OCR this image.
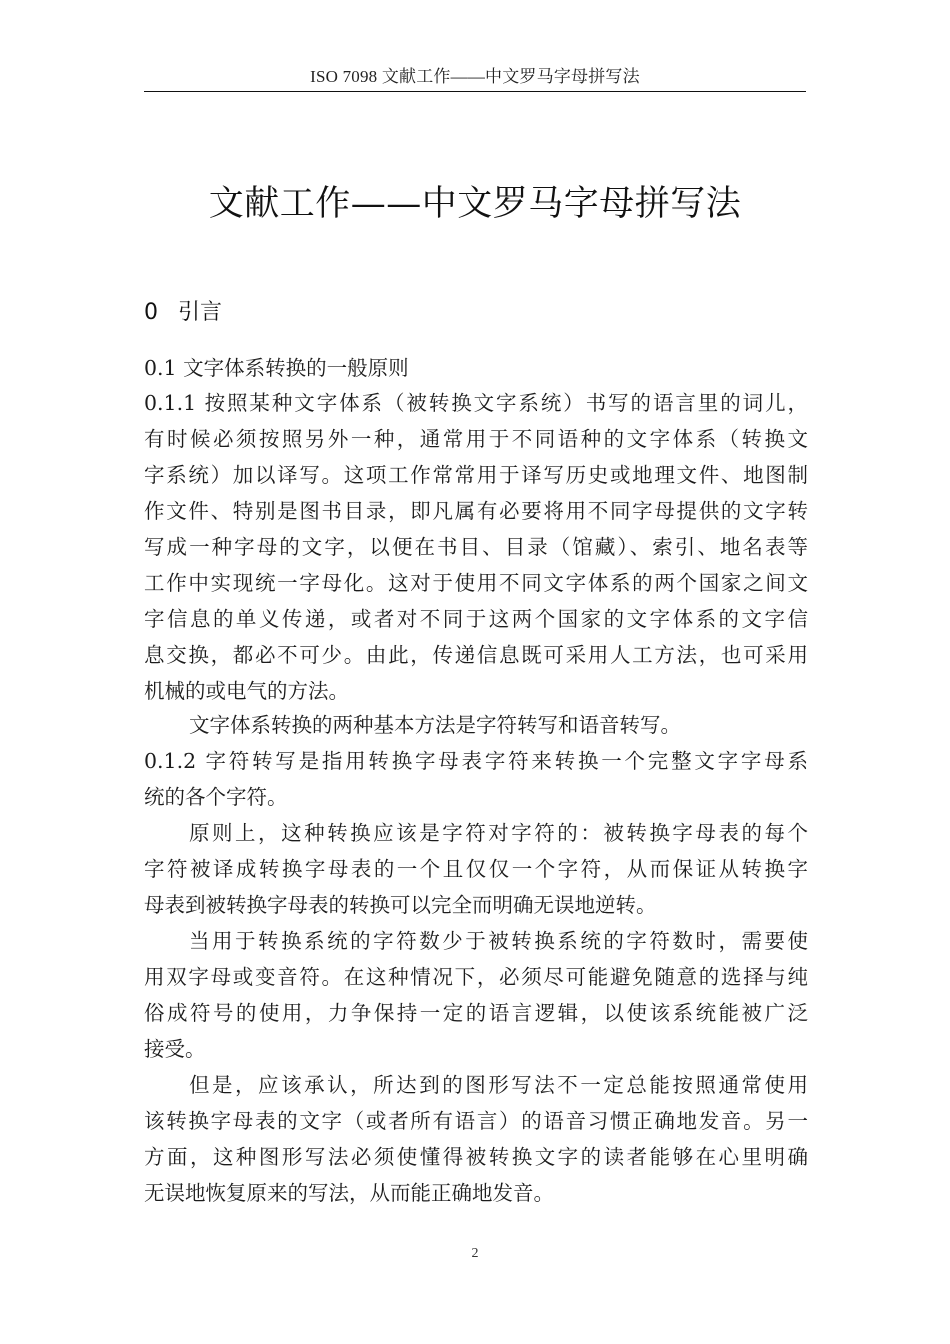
ISO 7098 文献工作——中文罗马字母拼写法
文献工作——中文罗马字母拼写法
0 引言
0.1 文字体系转换的一般原则
0.1.1 按照某种文字体系（被转换文字系统）书写的语言里的词儿，
有时候必须按照另外一种，通常用于不同语种的文字体系（转换文
字系统）加以译写。这项工作常常用于译写历史或地理文件、地图制
作文件、特别是图书目录，即凡属有必要将用不同字母提供的文字转
写成一种字母的文字，以便在书目、目录（馆藏）、索引、地名表等
工作中实现统一字母化。这对于使用不同文字体系的两个国家之间文
字信息的单义传递，或者对不同于这两个国家的文字体系的文字信
息交换，都必不可少。由此，传递信息既可采用人工方法，也可采用
机械的或电气的方法。
文字体系转换的两种基本方法是字符转写和语音转写。
0.1.2 字符转写是指用转换字母表字符来转换一个完整文字字母系
统的各个字符。
原则上，这种转换应该是字符对字符的：被转换字母表的每个
字符被译成转换字母表的一个且仅仅一个字符，从而保证从转换字
母表到被转换字母表的转换可以完全而明确无误地逆转。
当用于转换系统的字符数少于被转换系统的字符数时，需要使
用双字母或变音符。在这种情况下，必须尽可能避免随意的选择与纯
俗成符号的使用，力争保持一定的语言逻辑，以使该系统能被广泛
接受。
但是，应该承认，所达到的图形写法不一定总能按照通常使用
该转换字母表的文字（或者所有语言）的语音习惯正确地发音。另一
方面，这种图形写法必须使懂得被转换文字的读者能够在心里明确
无误地恢复原来的写法，从而能正确地发音。
2
